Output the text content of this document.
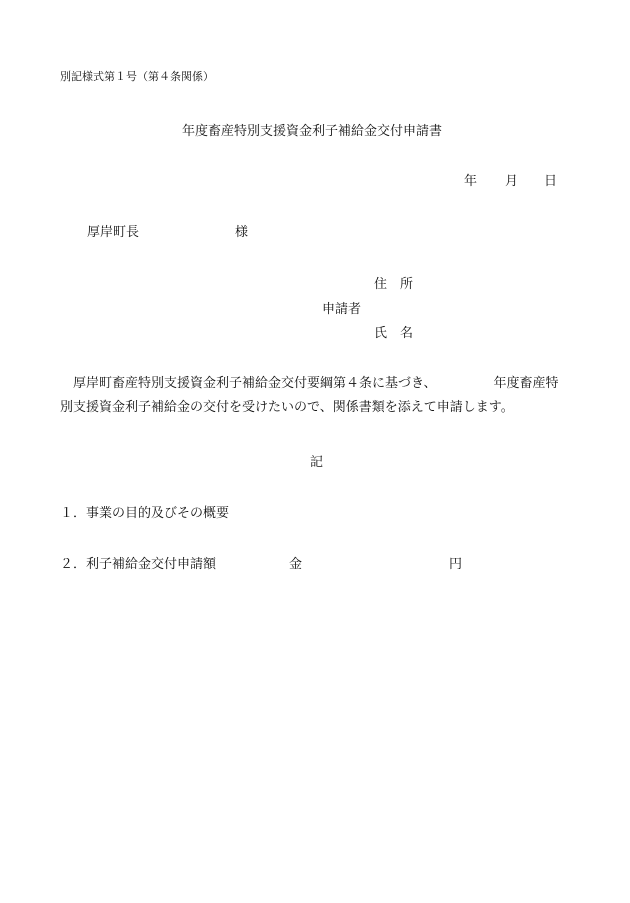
別記様式第１号（第４条関係）
年度畜産特別支援資金利子補給金交付申請書
年 月 日
厚岸町長	様
住　所
申請者
氏　名
厚岸町畜産特別支援資金利子補給金交付要綱第４条に基づき、	年度畜産特
別支援資金利子補給金の交付を受けたいので、関係書類を添えて申請します。
記
１．事業の目的及びその概要
２．利子補給金交付申請額	金	円
